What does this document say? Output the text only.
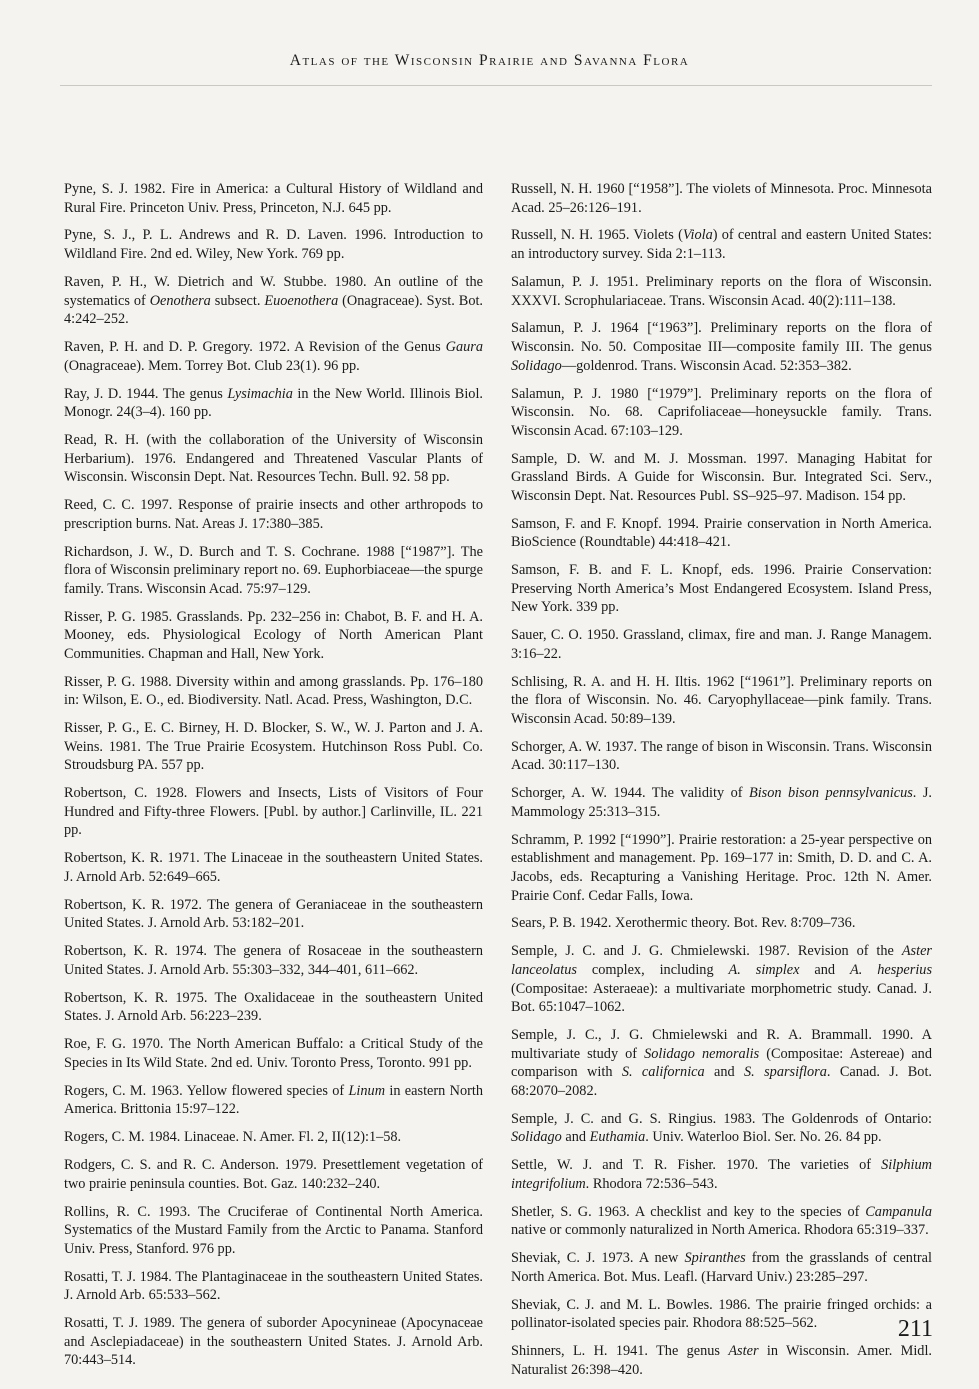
Atlas of the Wisconsin Prairie and Savanna Flora

Pyne, S. J. 1982. Fire in America: a Cultural History of Wildland and Rural Fire. Princeton Univ. Press, Princeton, N.J. 645 pp.

Pyne, S. J., P. L. Andrews and R. D. Laven. 1996. Introduction to Wildland Fire. 2nd ed. Wiley, New York. 769 pp.

Raven, P. H., W. Dietrich and W. Stubbe. 1980. An outline of the systematics of Oenothera subsect. Euoenothera (Onagraceae). Syst. Bot. 4:242–252.

Raven, P. H. and D. P. Gregory. 1972. A Revision of the Genus Gaura (Onagraceae). Mem. Torrey Bot. Club 23(1). 96 pp.

Ray, J. D. 1944. The genus Lysimachia in the New World. Illinois Biol. Monogr. 24(3–4). 160 pp.

Read, R. H. (with the collaboration of the University of Wisconsin Herbarium). 1976. Endangered and Threatened Vascular Plants of Wisconsin. Wisconsin Dept. Nat. Resources Techn. Bull. 92. 58 pp.

Reed, C. C. 1997. Response of prairie insects and other arthropods to prescription burns. Nat. Areas J. 17:380–385.

Richardson, J. W., D. Burch and T. S. Cochrane. 1988 [“1987”]. The flora of Wisconsin preliminary report no. 69. Euphorbiaceae—the spurge family. Trans. Wisconsin Acad. 75:97–129.

Risser, P. G. 1985. Grasslands. Pp. 232–256 in: Chabot, B. F. and H. A. Mooney, eds. Physiological Ecology of North American Plant Communities. Chapman and Hall, New York.

Risser, P. G. 1988. Diversity within and among grasslands. Pp. 176–180 in: Wilson, E. O., ed. Biodiversity. Natl. Acad. Press, Washington, D.C.

Risser, P. G., E. C. Birney, H. D. Blocker, S. W., W. J. Parton and J. A. Weins. 1981. The True Prairie Ecosystem. Hutchinson Ross Publ. Co. Stroudsburg PA. 557 pp.

Robertson, C. 1928. Flowers and Insects, Lists of Visitors of Four Hundred and Fifty-three Flowers. [Publ. by author.] Carlinville, IL. 221 pp.

Robertson, K. R. 1971. The Linaceae in the southeastern United States. J. Arnold Arb. 52:649–665.

Robertson, K. R. 1972. The genera of Geraniaceae in the southeastern United States. J. Arnold Arb. 53:182–201.

Robertson, K. R. 1974. The genera of Rosaceae in the southeastern United States. J. Arnold Arb. 55:303–332, 344–401, 611–662.

Robertson, K. R. 1975. The Oxalidaceae in the southeastern United States. J. Arnold Arb. 56:223–239.

Roe, F. G. 1970. The North American Buffalo: a Critical Study of the Species in Its Wild State. 2nd ed. Univ. Toronto Press, Toronto. 991 pp.

Rogers, C. M. 1963. Yellow flowered species of Linum in eastern North America. Brittonia 15:97–122.

Rogers, C. M. 1984. Linaceae. N. Amer. Fl. 2, II(12):1–58.

Rodgers, C. S. and R. C. Anderson. 1979. Presettlement vegetation of two prairie peninsula counties. Bot. Gaz. 140:232–240.

Rollins, R. C. 1993. The Cruciferae of Continental North America. Systematics of the Mustard Family from the Arctic to Panama. Stanford Univ. Press, Stanford. 976 pp.

Rosatti, T. J. 1984. The Plantaginaceae in the southeastern United States. J. Arnold Arb. 65:533–562.

Rosatti, T. J. 1989. The genera of suborder Apocynineae (Apocynaceae and Asclepiadaceae) in the southeastern United States. J. Arnold Arb. 70:443–514.

Russell, N. H. 1960 [“1958”]. The violets of Minnesota. Proc. Minnesota Acad. 25–26:126–191.

Russell, N. H. 1965. Violets (Viola) of central and eastern United States: an introductory survey. Sida 2:1–113.

Salamun, P. J. 1951. Preliminary reports on the flora of Wisconsin. XXXVI. Scrophulariaceae. Trans. Wisconsin Acad. 40(2):111–138.

Salamun, P. J. 1964 [“1963”]. Preliminary reports on the flora of Wisconsin. No. 50. Compositae III—composite family III. The genus Solidago—goldenrod. Trans. Wisconsin Acad. 52:353–382.

Salamun, P. J. 1980 [“1979”]. Preliminary reports on the flora of Wisconsin. No. 68. Caprifoliaceae—honeysuckle family. Trans. Wisconsin Acad. 67:103–129.

Sample, D. W. and M. J. Mossman. 1997. Managing Habitat for Grassland Birds. A Guide for Wisconsin. Bur. Integrated Sci. Serv., Wisconsin Dept. Nat. Resources Publ. SS–925–97. Madison. 154 pp.

Samson, F. and F. Knopf. 1994. Prairie conservation in North America. BioScience (Roundtable) 44:418–421.

Samson, F. B. and F. L. Knopf, eds. 1996. Prairie Conservation: Preserving North America’s Most Endangered Ecosystem. Island Press, New York. 339 pp.

Sauer, C. O. 1950. Grassland, climax, fire and man. J. Range Managem. 3:16–22.

Schlising, R. A. and H. H. Iltis. 1962 [“1961”]. Preliminary reports on the flora of Wisconsin. No. 46. Caryophyllaceae—pink family. Trans. Wisconsin Acad. 50:89–139.

Schorger, A. W. 1937. The range of bison in Wisconsin. Trans. Wisconsin Acad. 30:117–130.

Schorger, A. W. 1944. The validity of Bison bison pennsylvanicus. J. Mammology 25:313–315.

Schramm, P. 1992 [“1990”]. Prairie restoration: a 25-year perspective on establishment and management. Pp. 169–177 in: Smith, D. D. and C. A. Jacobs, eds. Recapturing a Vanishing Heritage. Proc. 12th N. Amer. Prairie Conf. Cedar Falls, Iowa.

Sears, P. B. 1942. Xerothermic theory. Bot. Rev. 8:709–736.

Semple, J. C. and J. G. Chmielewski. 1987. Revision of the Aster lanceolatus complex, including A. simplex and A. hesperius (Compositae: Asteraeae): a multivariate morphometric study. Canad. J. Bot. 65:1047–1062.

Semple, J. C., J. G. Chmielewski and R. A. Brammall. 1990. A multivariate study of Solidago nemoralis (Compositae: Astereae) and comparison with S. californica and S. sparsiflora. Canad. J. Bot. 68:2070–2082.

Semple, J. C. and G. S. Ringius. 1983. The Goldenrods of Ontario: Solidago and Euthamia. Univ. Waterloo Biol. Ser. No. 26. 84 pp.

Settle, W. J. and T. R. Fisher. 1970. The varieties of Silphium integrifolium. Rhodora 72:536–543.

Shetler, S. G. 1963. A checklist and key to the species of Campanula native or commonly naturalized in North America. Rhodora 65:319–337.

Sheviak, C. J. 1973. A new Spiranthes from the grasslands of central North America. Bot. Mus. Leafl. (Harvard Univ.) 23:285–297.

Sheviak, C. J. and M. L. Bowles. 1986. The prairie fringed orchids: a pollinator-isolated species pair. Rhodora 88:525–562.

Shinners, L. H. 1941. The genus Aster in Wisconsin. Amer. Midl. Naturalist 26:398–420.

211
